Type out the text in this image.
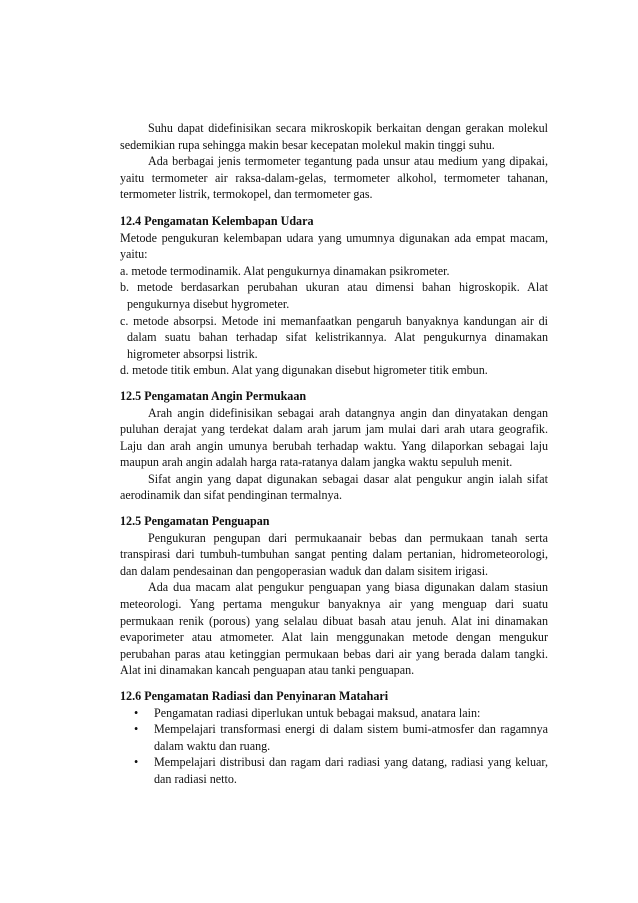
Suhu dapat didefinisikan secara mikroskopik berkaitan dengan gerakan molekul sedemikian rupa sehingga makin besar kecepatan molekul makin tinggi suhu.

Ada berbagai jenis termometer tegantung pada unsur atau medium yang dipakai, yaitu termometer air raksa-dalam-gelas, termometer alkohol, termometer tahanan, termometer listrik, termokopel, dan termometer gas.

12.4 Pengamatan Kelembapan Udara

Metode pengukuran kelembapan udara yang umumnya digunakan ada empat macam, yaitu:

a. metode termodinamik. Alat pengukurnya dinamakan psikrometer.

b. metode berdasarkan perubahan ukuran atau dimensi bahan higroskopik. Alat pengukurnya disebut hygrometer.

c. metode absorpsi. Metode ini memanfaatkan pengaruh banyaknya kandungan air di dalam suatu bahan terhadap sifat kelistrikannya. Alat pengukurnya dinamakan higrometer absorpsi listrik.

d. metode titik embun. Alat yang digunakan disebut higrometer titik embun.

12.5 Pengamatan Angin Permukaan

Arah angin didefinisikan sebagai arah datangnya angin dan dinyatakan dengan puluhan derajat yang terdekat dalam arah jarum jam mulai dari arah utara geografik. Laju dan arah angin umunya berubah terhadap waktu. Yang dilaporkan sebagai laju maupun arah angin adalah harga rata-ratanya dalam jangka waktu sepuluh menit.

Sifat angin yang dapat digunakan sebagai dasar alat pengukur angin ialah sifat aerodinamik dan sifat pendinginan termalnya.

12.5 Pengamatan Penguapan

Pengukuran pengupan dari permukaanair bebas dan permukaan tanah serta transpirasi dari tumbuh-tumbuhan sangat penting dalam pertanian, hidrometeorologi, dan dalam pendesainan dan pengoperasian waduk dan dalam sisitem irigasi.

Ada dua macam alat pengukur penguapan yang biasa digunakan dalam stasiun meteorologi. Yang pertama mengukur banyaknya air yang menguap dari suatu permukaan renik (porous) yang selalau dibuat basah atau jenuh. Alat ini dinamakan evaporimeter atau atmometer. Alat lain menggunakan metode dengan mengukur perubahan paras atau ketinggian permukaan bebas dari air yang berada dalam tangki. Alat ini dinamakan kancah penguapan atau tanki penguapan.

12.6 Pengamatan Radiasi dan Penyinaran Matahari

• Pengamatan radiasi diperlukan untuk bebagai maksud, anatara lain:
• Mempelajari transformasi energi di dalam sistem bumi-atmosfer dan ragamnya dalam waktu dan ruang.
• Mempelajari distribusi dan ragam dari radiasi yang datang, radiasi yang keluar, dan radiasi netto.
